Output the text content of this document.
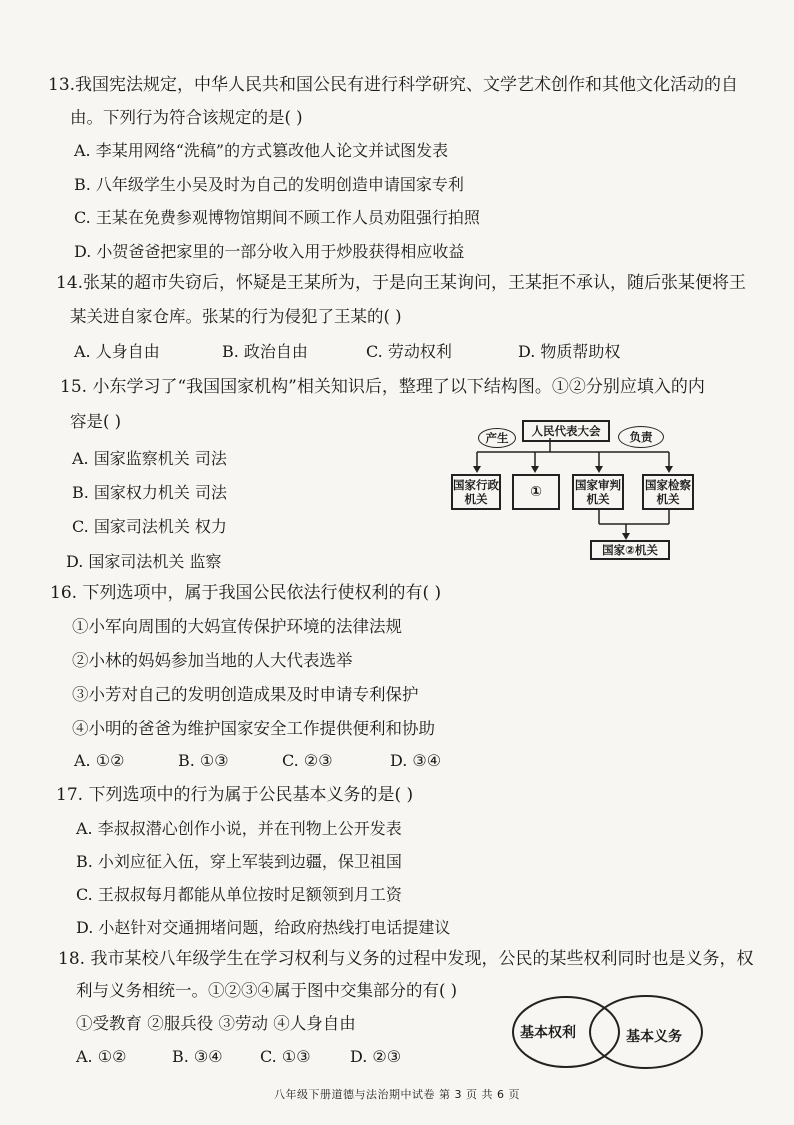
13.我国宪法规定，中华人民共和国公民有进行科学研究、文学艺术创作和其他文化活动的自
由。下列行为符合该规定的是( )
A. 李某用网络“洗稿”的方式篡改他人论文并试图发表
B. 八年级学生小吴及时为自己的发明创造申请国家专利
C. 王某在免费参观博物馆期间不顾工作人员劝阻强行拍照
D. 小贺爸爸把家里的一部分收入用于炒股获得相应收益
14.张某的超市失窃后，怀疑是王某所为，于是向王某询问，王某拒不承认，随后张某便将王
某关进自家仓库。张某的行为侵犯了王某的( )
A. 人身自由	B. 政治自由	C. 劳动权利	D. 物质帮助权
15. 小东学习了“我国国家机构”相关知识后，整理了以下结构图。①②分别应填入的内
容是( )
A. 国家监察机关 司法
B. 国家权力机关 司法
C. 国家司法机关 权力
D. 国家司法机关 监察
产生	人民代表大会	负责
国家行政机关	①	国家审判机关
国家检察机关
国家②机关
16. 下列选项中，属于我国公民依法行使权利的有( )
①小军向周围的大妈宣传保护环境的法律法规
②小林的妈妈参加当地的人大代表选举
③小芳对自己的发明创造成果及时申请专利保护
④小明的爸爸为维护国家安全工作提供便利和协助
A. ①②	B. ①③	C. ②③	D. ③④
17. 下列选项中的行为属于公民基本义务的是( )
A. 李叔叔潜心创作小说，并在刊物上公开发表
B. 小刘应征入伍，穿上军装到边疆，保卫祖国
C. 王叔叔每月都能从单位按时足额领到月工资
D. 小赵针对交通拥堵问题，给政府热线打电话提建议
18. 我市某校八年级学生在学习权利与义务的过程中发现，公民的某些权利同时也是义务，权
利与义务相统一。①②③④属于图中交集部分的有( )
①受教育 ②服兵役 ③劳动 ④人身自由
A. ①②	B. ③④ C. ①③ D. ②③
基本权利	基本义务
八年级下册道德与法治期中试卷 第 3 页 共 6 页
